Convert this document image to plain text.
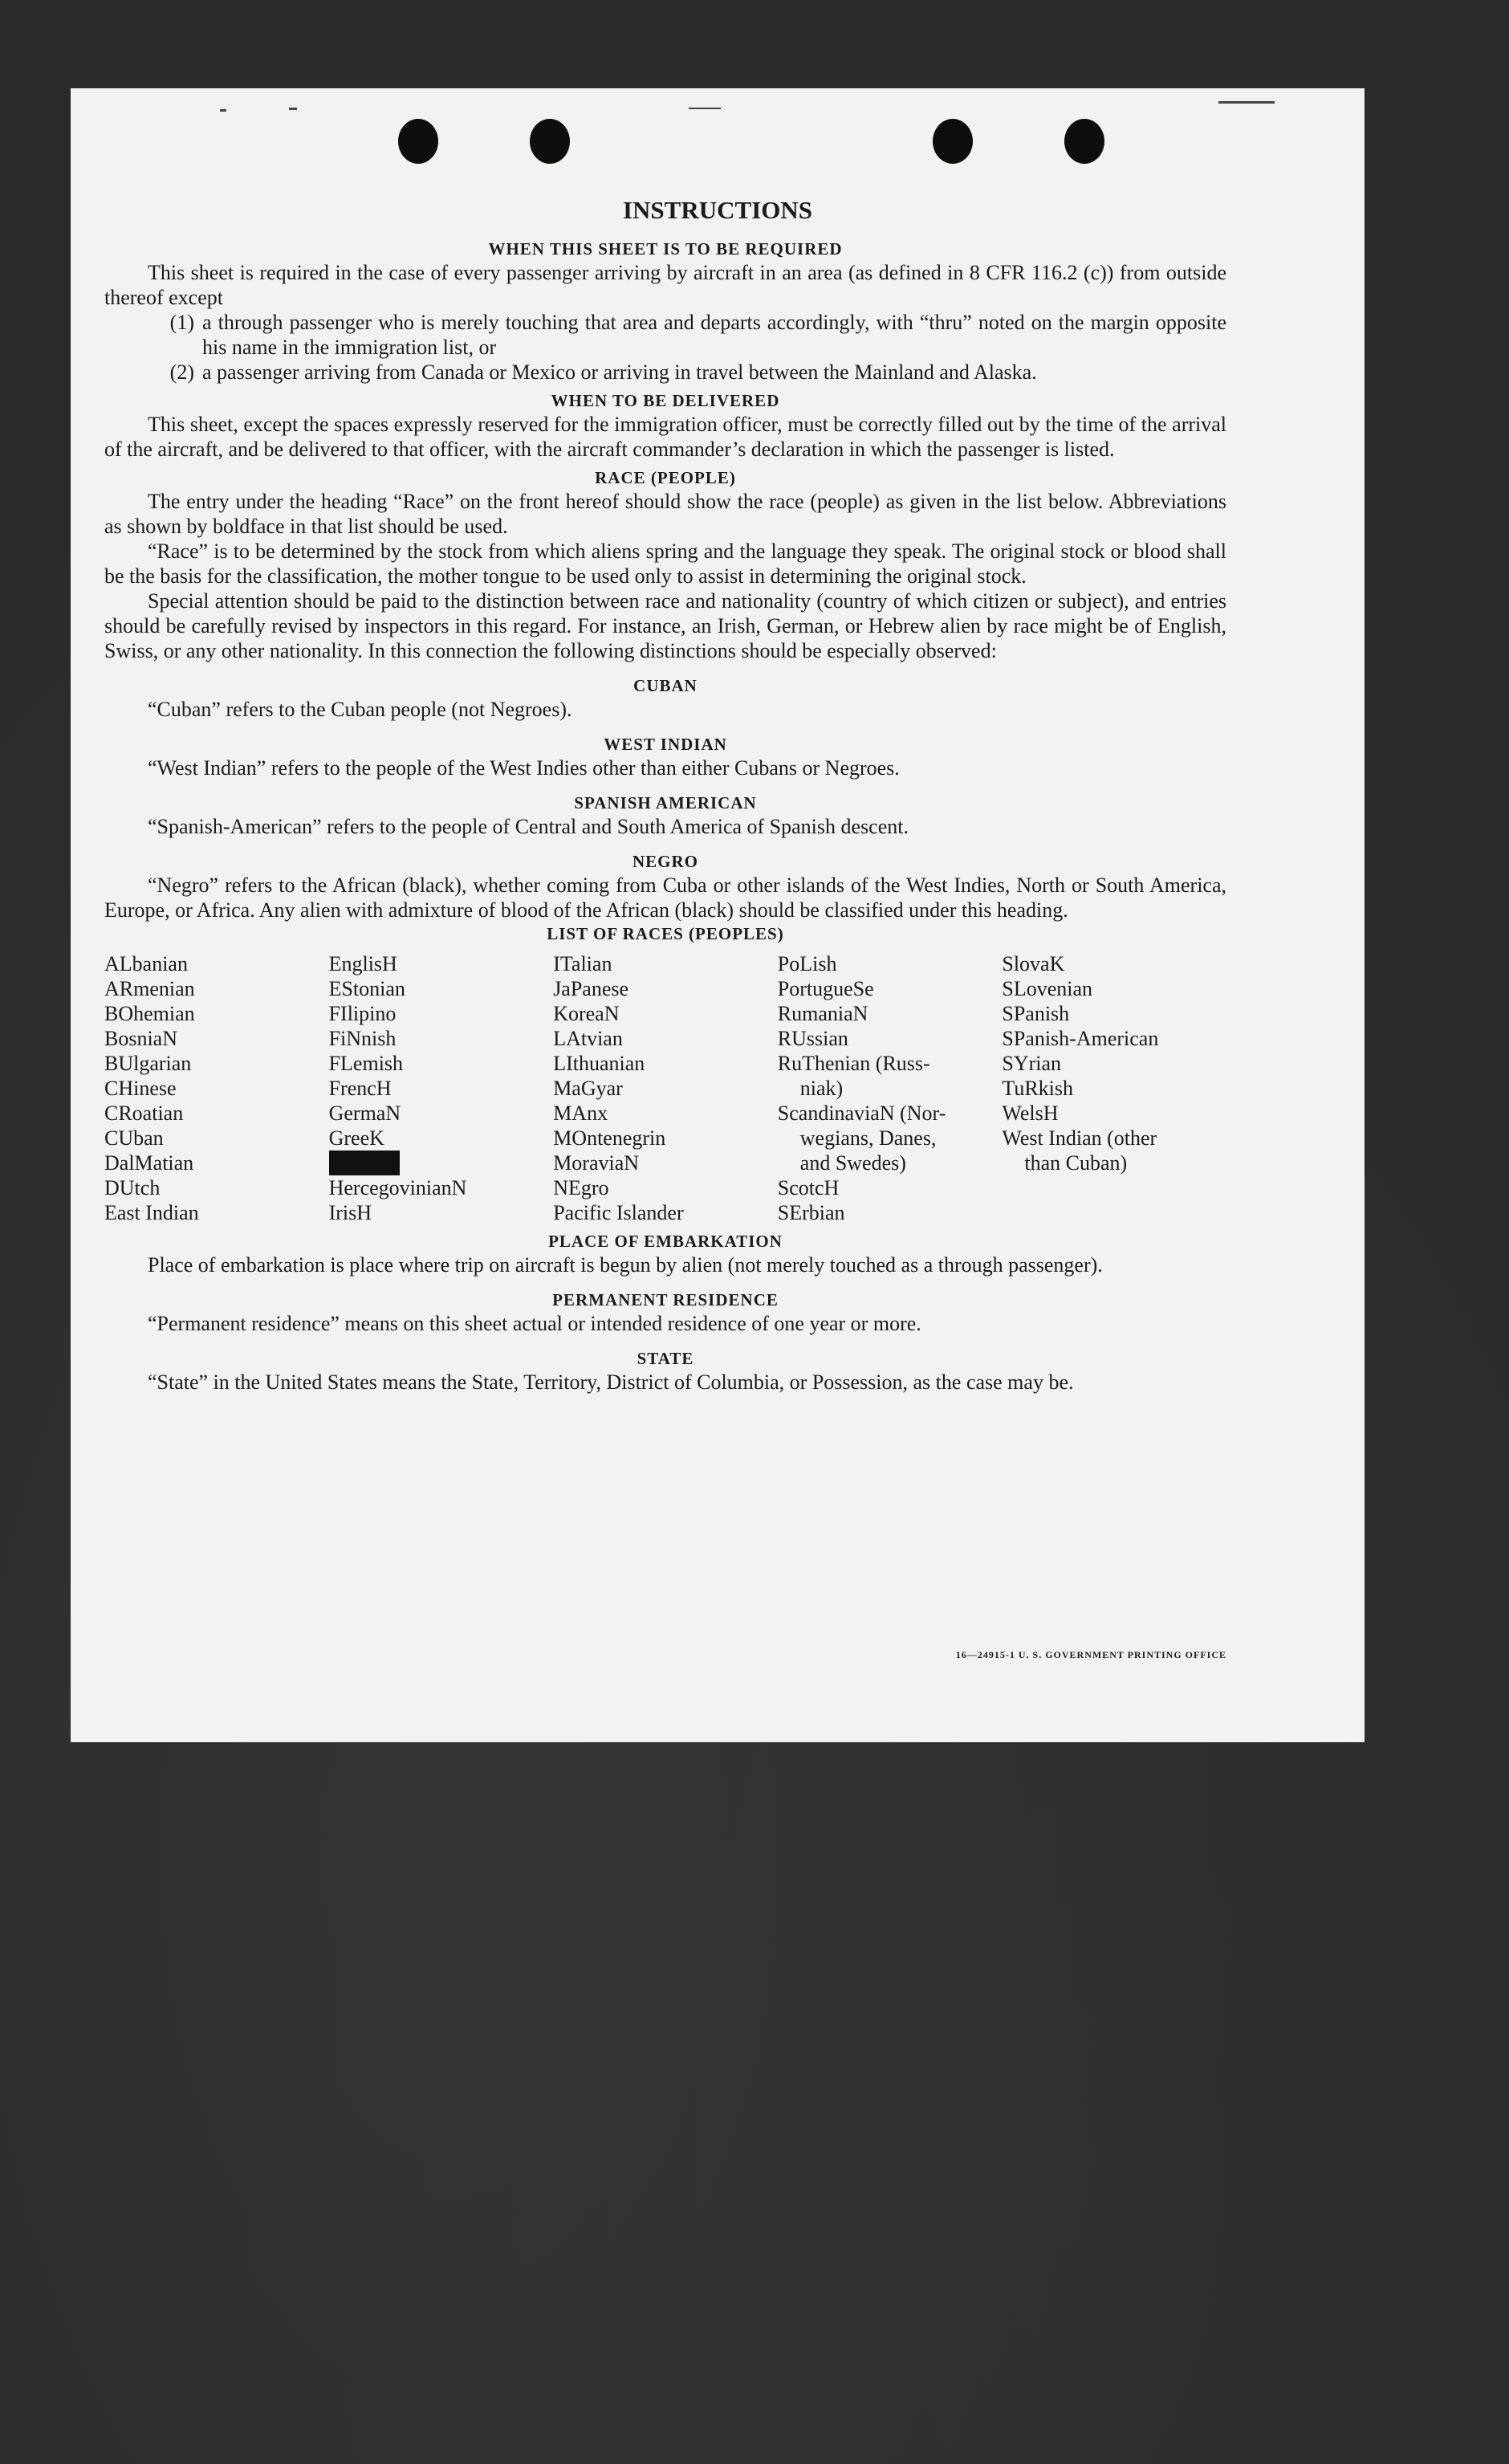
INSTRUCTIONS
WHEN THIS SHEET IS TO BE REQUIRED

This sheet is required in the case of every passenger arriving by aircraft in an area (as defined in 8 CFR 116.2 (c)) from outside thereof except

(1) a through passenger who is merely touching that area and departs accordingly, with “thru” noted on the margin opposite his name in the immigration list, or
(2) a passenger arriving from Canada or Mexico or arriving in travel between the Mainland and Alaska.
WHEN TO BE DELIVERED

This sheet, except the spaces expressly reserved for the immigration officer, must be correctly filled out by the time of the arrival of the aircraft, and be delivered to that officer, with the aircraft commander’s declaration in which the passenger is listed.

RACE (PEOPLE)

The entry under the heading “Race” on the front hereof should show the race (people) as given in the list below. Abbreviations as shown by boldface in that list should be used.

“Race” is to be determined by the stock from which aliens spring and the language they speak. The original stock or blood shall be the basis for the classification, the mother tongue to be used only to assist in determining the original stock.

Special attention should be paid to the distinction between race and nationality (country of which citizen or subject), and entries should be carefully revised by inspectors in this regard. For instance, an Irish, German, or Hebrew alien by race might be of English, Swiss, or any other nationality. In this connection the following distinctions should be especially observed:

CUBAN

“Cuban” refers to the Cuban people (not Negroes).

WEST INDIAN

“West Indian” refers to the people of the West Indies other than either Cubans or Negroes.

SPANISH AMERICAN

“Spanish-American” refers to the people of Central and South America of Spanish descent.

NEGRO

“Negro” refers to the African (black), whether coming from Cuba or other islands of the West Indies, North or South America, Europe, or Africa. Any alien with admixture of blood of the African (black) should be classified under this heading.

LIST OF RACES (PEOPLES)
ALbanian
ARmenian
BOhemian
BosniaN
BUlgarian
CHinese
CRoatian
CUban
DalMatian
DUtch
East Indian
EnglisH
EStonian
FIlipino
FiNnish
FLemish
FrencH
GermaN
GreeK
HercegovinianN
IrisH
ITalian
JaPanese
KoreaN
LAtvian
LIthuanian
MaGyar
MAnx
MOntenegrin
MoraviaN
NEgro
Pacific Islander
PoLish
PortugueSe
RumaniaN
RUssian
RuThenian (Russ-
niak)
ScandinaviaN (Nor-
wegians, Danes,
and Swedes)
ScotcH
SErbian
SlovaK
SLovenian
SPanish
SPanish-American
SYrian
TuRkish
WelsH
West Indian (other
than Cuban)
PLACE OF EMBARKATION

Place of embarkation is place where trip on aircraft is begun by alien (not merely touched as a through passenger).

PERMANENT RESIDENCE

“Permanent residence” means on this sheet actual or intended residence of one year or more.

STATE

“State” in the United States means the State, Territory, District of Columbia, or Possession, as the case may be.

16—24915-1 U. S. GOVERNMENT PRINTING OFFICE
